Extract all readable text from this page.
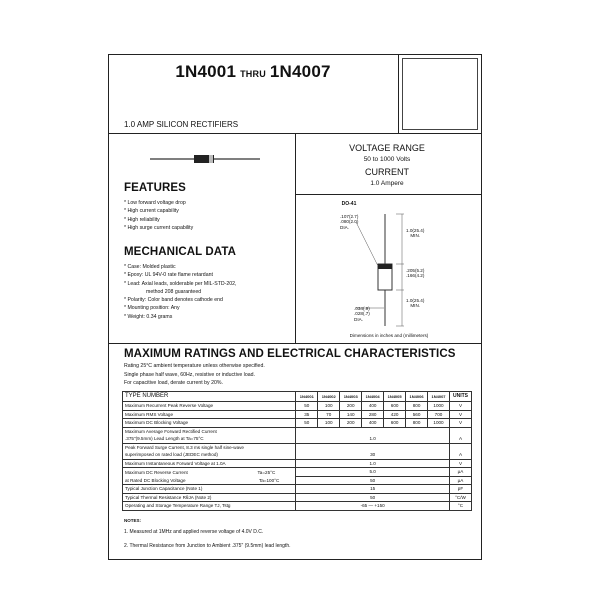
1N4001 THRU 1N4007
1.0 AMP SILICON RECTIFIERS
FEATURES
* Low forward voltage drop
* High current capability
* High reliability
* High surge current capability
MECHANICAL DATA
* Case: Molded plastic
* Epoxy: UL 94V-0 rate flame retardant
* Lead: Axial leads, solderable per MIL-STD-202,
method 208 guaranteed
* Polarity: Color band denotes cathode end
* Mounting position: Any
* Weight: 0.34 grams
VOLTAGE RANGE
50 to 1000 Volts
CURRENT
1.0 Ampere
DO-41
.107(2.7)
.080(2.0)
DIA.
1.0(25.4)
MIN.
.205(5.2)
.166(4.2)
1.0(25.4)
MIN.
.034(.9)
.028(.7)
DIA.
Dimensions in inches and (millimeters)
MAXIMUM RATINGS AND ELECTRICAL CHARACTERISTICS
Rating 25°C ambient temperature unless otherwise specified.
Single phase half wave, 60Hz, resistive or inductive load.
For capacitive load, derate current by 20%.
TYPE NUMBER	1N4001	1N4002	1N4003	1N4004	1N4005	1N4006	1N4007	UNITS
Maximum Recurrent Peak Reverse Voltage	50	100	200	400	600	800	1000	V
Maximum RMS Voltage	35	70	140	280	420	560	700	V
Maximum DC Blocking Voltage	50	100	200	400	600	800	1000	V
Maximum Average Forward Rectified Current								
.375"(9.5mm) Lead Length at Ta=75°C	1.0							A
Peak Forward Surge Current, 8.3 ms single half sine-wave								
superimposed on rated load (JEDEC method)	30							A
Maximum Instantaneous Forward Voltage at 1.0A	1.0							V
Maximum DC Reverse Current Ta=25°C	5.0							μA
at Rated DC Blocking Voltage Ta=100°C	50							μA
Typical Junction Capacitance (Note 1)	15							pF
Typical Thermal Resistance RθJA (Note 2)	50							°C/W
Operating and Storage Temperature Range TJ, Tstg	-65 — +150							°C
NOTES:
1. Measured at 1MHz and applied reverse voltage of 4.0V D.C.
2. Thermal Resistance from Junction to Ambient .375" (9.5mm) lead length.
